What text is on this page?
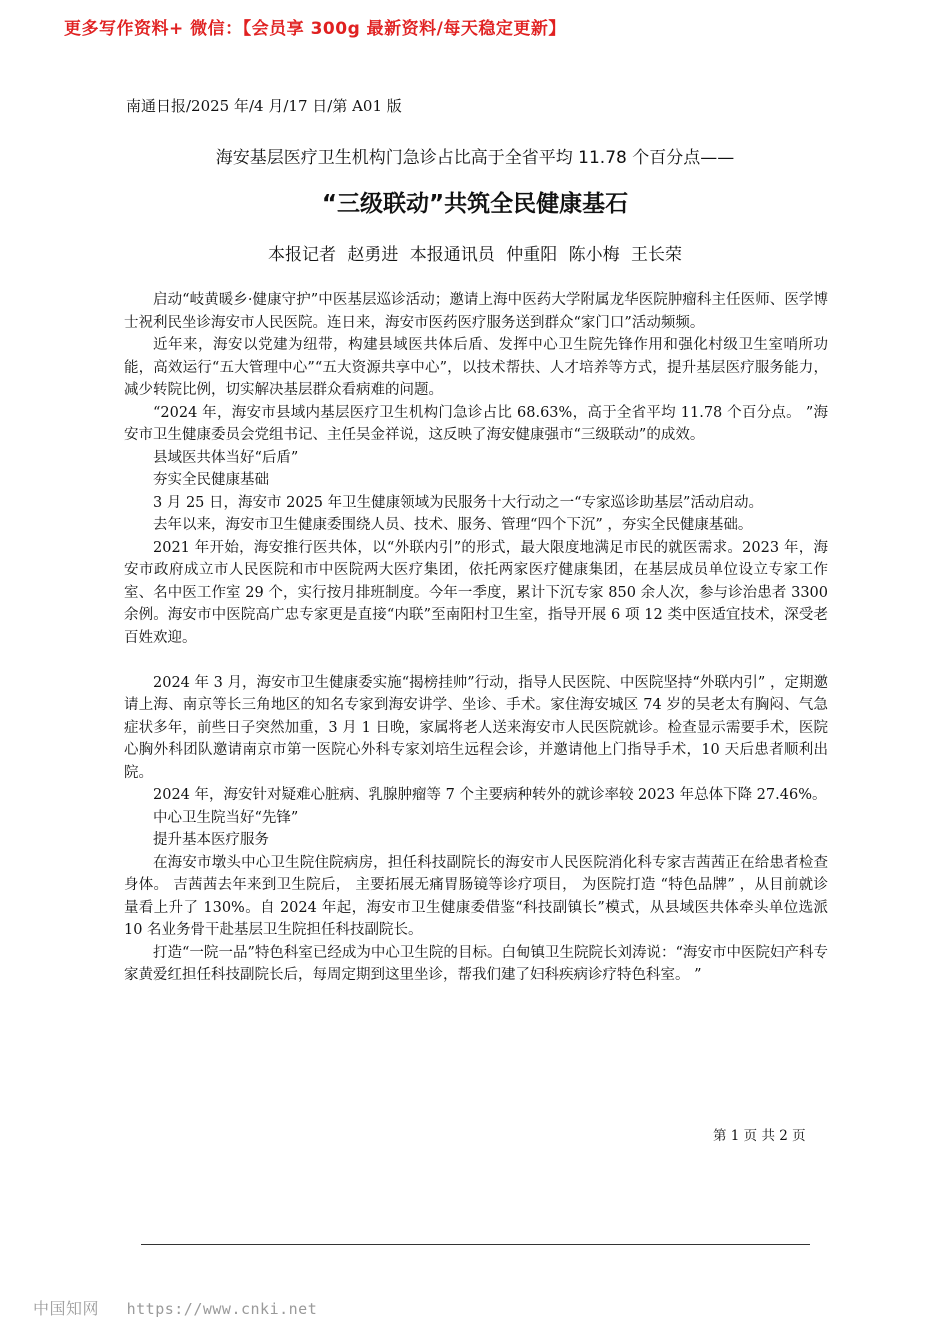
更多写作资料+ 微信：【会员享 300g 最新资料/每天稳定更新】
南通日报/2025 年/4 月/17 日/第 A01 版
海安基层医疗卫生机构门急诊占比高于全省平均 11.78 个百分点——
“三级联动”共筑全民健康基石
本报记者 赵勇进 本报通讯员 仲重阳 陈小梅 王长荣

启动“岐黄暖乡·健康守护”中医基层巡诊活动；邀请上海中医药大学附属龙华医院肿瘤科主任医师、医学博士祝利民坐诊海安市人民医院。连日来，海安市医药医疗服务送到群众“家门口”活动频频。

近年来，海安以党建为纽带，构建县域医共体后盾、发挥中心卫生院先锋作用和强化村级卫生室哨所功能，高效运行“五大管理中心”“五大资源共享中心”，以技术帮扶、人才培养等方式，提升基层医疗服务能力，减少转院比例，切实解决基层群众看病难的问题。

“2024 年，海安市县域内基层医疗卫生机构门急诊占比 68.63%，高于全省平均 11.78 个百分点。 ”海安市卫生健康委员会党组书记、主任吴金祥说，这反映了海安健康强市“三级联动”的成效。

县域医共体当好“后盾”

夯实全民健康基础

3 月 25 日，海安市 2025 年卫生健康领域为民服务十大行动之一“专家巡诊助基层”活动启动。

去年以来，海安市卫生健康委围绕人员、技术、服务、管理“四个下沉” ，夯实全民健康基础。

2021 年开始，海安推行医共体，以“外联内引”的形式，最大限度地满足市民的就医需求。2023 年，海安市政府成立市人民医院和市中医院两大医疗集团，依托两家医疗健康集团，在基层成员单位设立专家工作室、名中医工作室 29 个，实行按月排班制度。今年一季度，累计下沉专家 850 余人次，参与诊治患者 3300 余例。海安市中医院高广忠专家更是直接“内联”至南阳村卫生室，指导开展 6 项 12 类中医适宜技术，深受老百姓欢迎。

2024 年 3 月，海安市卫生健康委实施“揭榜挂帅”行动，指导人民医院、中医院坚持“外联内引” ，定期邀请上海、南京等长三角地区的知名专家到海安讲学、坐诊、手术。家住海安城区 74 岁的吴老太有胸闷、气急症状多年，前些日子突然加重，3 月 1 日晚，家属将老人送来海安市人民医院就诊。检查显示需要手术，医院心胸外科团队邀请南京市第一医院心外科专家刘培生远程会诊，并邀请他上门指导手术，10 天后患者顺利出院。

2024 年，海安针对疑难心脏病、乳腺肿瘤等 7 个主要病种转外的就诊率较 2023 年总体下降 27.46%。

中心卫生院当好“先锋”

提升基本医疗服务

在海安市墩头中心卫生院住院病房，担任科技副院长的海安市人民医院消化科专家吉茜茜正在给患者检查身体。 吉茜茜去年来到卫生院后， 主要拓展无痛胃肠镜等诊疗项目， 为医院打造 “特色品牌” ，从目前就诊量看上升了 130%。自 2024 年起，海安市卫生健康委借鉴“科技副镇长”模式，从县域医共体牵头单位选派 10 名业务骨干赴基层卫生院担任科技副院长。

打造“一院一品”特色科室已经成为中心卫生院的目标。白甸镇卫生院院长刘涛说：“海安市中医院妇产科专家黄爱红担任科技副院长后，每周定期到这里坐诊，帮我们建了妇科疾病诊疗特色科室。 ”

第 1 页 共 2 页
中国知网 https://www.cnki.net
